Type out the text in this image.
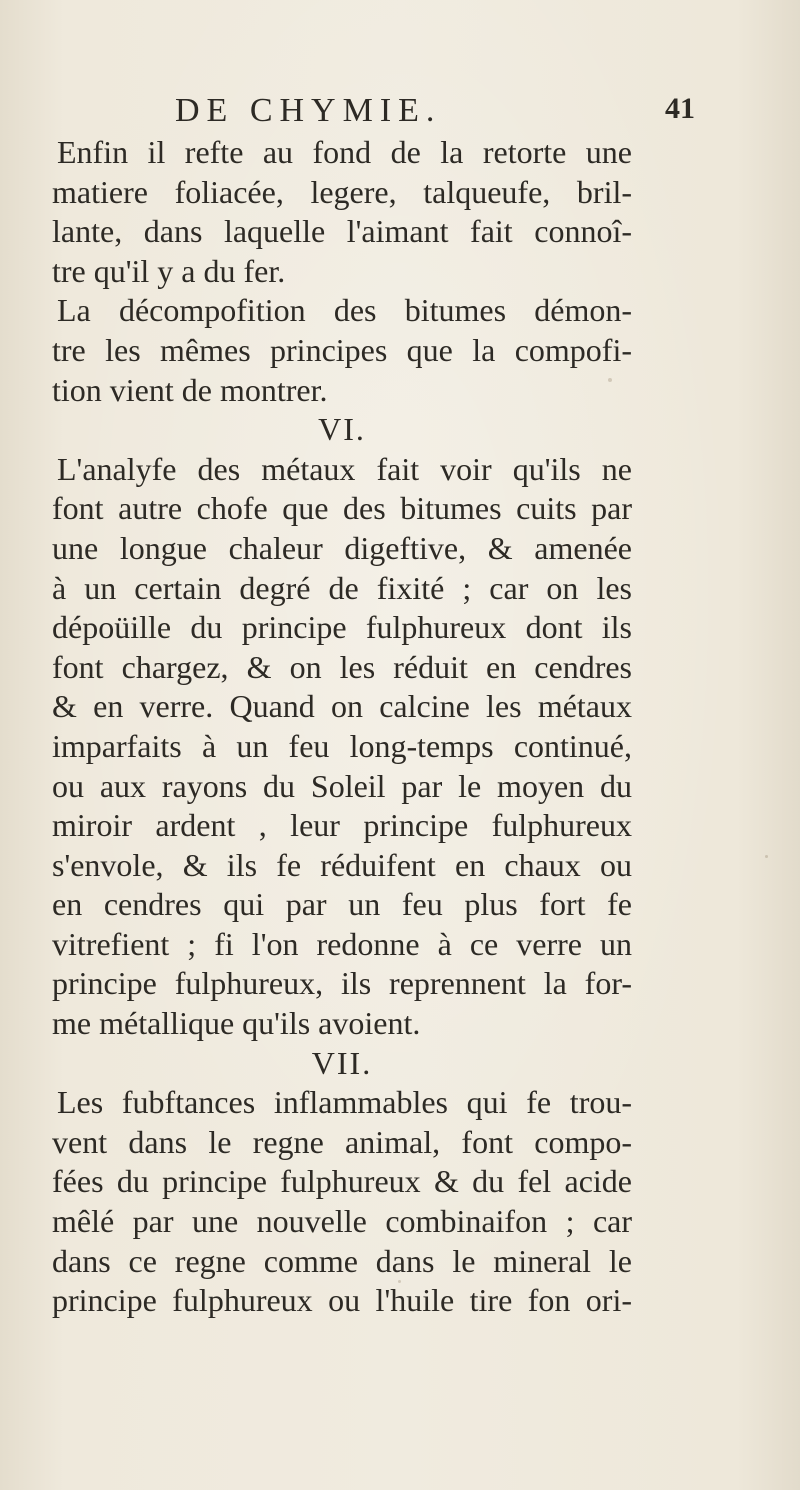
DE CHYMIE.	41
Enfin il refte au fond de la retorte une
matiere foliacée, legere, talqueufe, bril-
lante, dans laquelle l'aimant fait connoî-
tre qu'il y a du fer.
La décompofition des bitumes démon-
tre les mêmes principes que la compofi-
tion vient de montrer.
VI.
L'analyfe des métaux fait voir qu'ils ne
font autre chofe que des bitumes cuits par
une longue chaleur digeftive, & amenée
à un certain degré de fixité ; car on les
dépoüille du principe fulphureux dont ils
font chargez, & on les réduit en cendres
& en verre. Quand on calcine les métaux
imparfaits à un feu long-temps continué,
ou aux rayons du Soleil par le moyen du
miroir ardent , leur principe fulphureux
s'envole, & ils fe réduifent en chaux ou
en cendres qui par un feu plus fort fe
vitrefient ; fi l'on redonne à ce verre un
principe fulphureux, ils reprennent la for-
me métallique qu'ils avoient.
VII.
Les fubftances inflammables qui fe trou-
vent dans le regne animal, font compo-
fées du principe fulphureux & du fel acide
mêlé par une nouvelle combinaifon ; car
dans ce regne comme dans le mineral le
principe fulphureux ou l'huile tire fon ori-
